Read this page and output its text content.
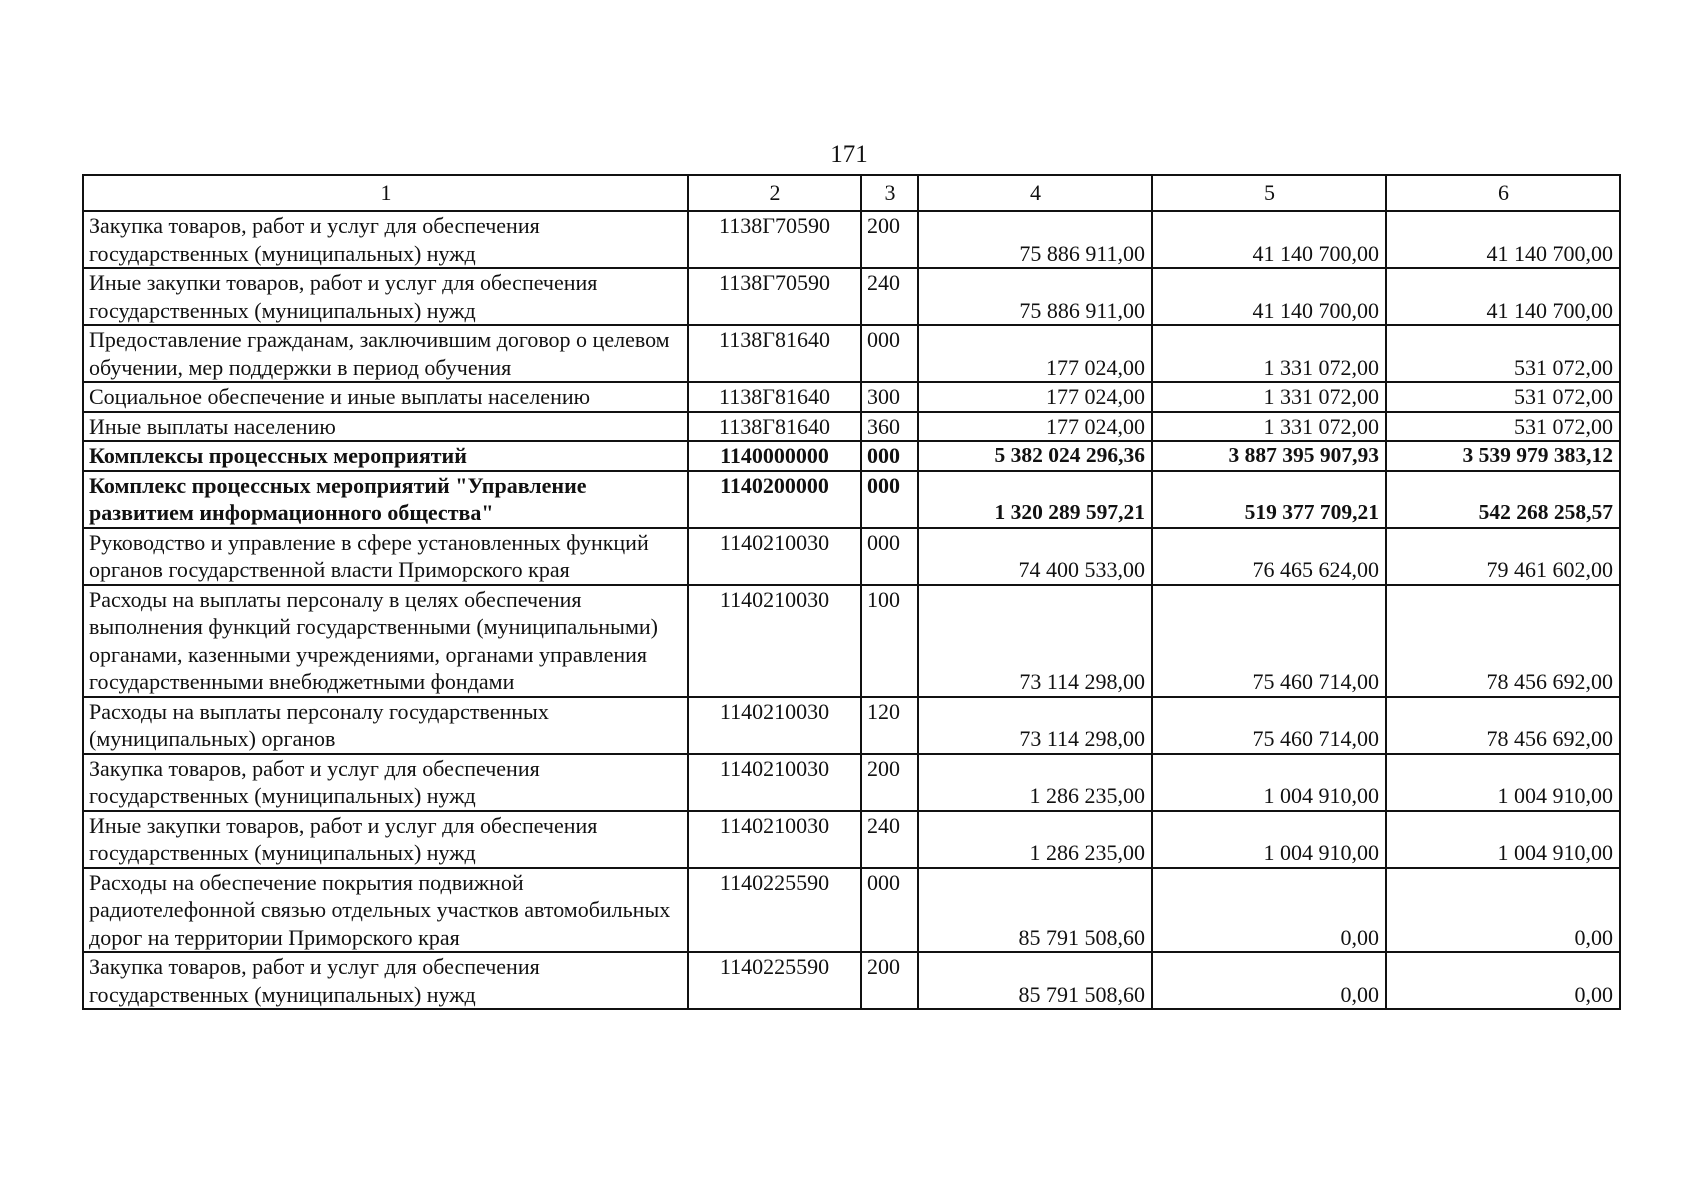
171
1	2	3	4	5	6
Закупка товаров, работ и услуг для обеспечения государственных (муниципальных) нужд	1138Г70590	200	75 886 911,00	41 140 700,00	41 140 700,00
Иные закупки товаров, работ и услуг для обеспечения государственных (муниципальных) нужд	1138Г70590	240	75 886 911,00	41 140 700,00	41 140 700,00
Предоставление гражданам, заключившим договор о целевом обучении, мер поддержки в период обучения	1138Г81640	000	177 024,00	1 331 072,00	531 072,00
Социальное обеспечение и иные выплаты населению	1138Г81640	300	177 024,00	1 331 072,00	531 072,00
Иные выплаты населению	1138Г81640	360	177 024,00	1 331 072,00	531 072,00
Комплексы процессных мероприятий	1140000000	000	5 382 024 296,36	3 887 395 907,93	3 539 979 383,12
Комплекс процессных мероприятий "Управление развитием информационного общества"	1140200000	000	1 320 289 597,21	519 377 709,21	542 268 258,57
Руководство и управление в сфере установленных функций органов государственной власти Приморского края	1140210030	000	74 400 533,00	76 465 624,00	79 461 602,00
Расходы на выплаты персоналу в целях обеспечения выполнения функций государственными (муниципальными) органами, казенными учреждениями, органами управления государственными внебюджетными фондами	1140210030	100	73 114 298,00	75 460 714,00	78 456 692,00
Расходы на выплаты персоналу государственных (муниципальных) органов	1140210030	120	73 114 298,00	75 460 714,00	78 456 692,00
Закупка товаров, работ и услуг для обеспечения государственных (муниципальных) нужд	1140210030	200	1 286 235,00	1 004 910,00	1 004 910,00
Иные закупки товаров, работ и услуг для обеспечения государственных (муниципальных) нужд	1140210030	240	1 286 235,00	1 004 910,00	1 004 910,00
Расходы на обеспечение покрытия подвижной радиотелефонной связью отдельных участков автомобильных дорог на территории Приморского края	1140225590	000	85 791 508,60	0,00	0,00
Закупка товаров, работ и услуг для обеспечения государственных (муниципальных) нужд	1140225590	200	85 791 508,60	0,00	0,00
